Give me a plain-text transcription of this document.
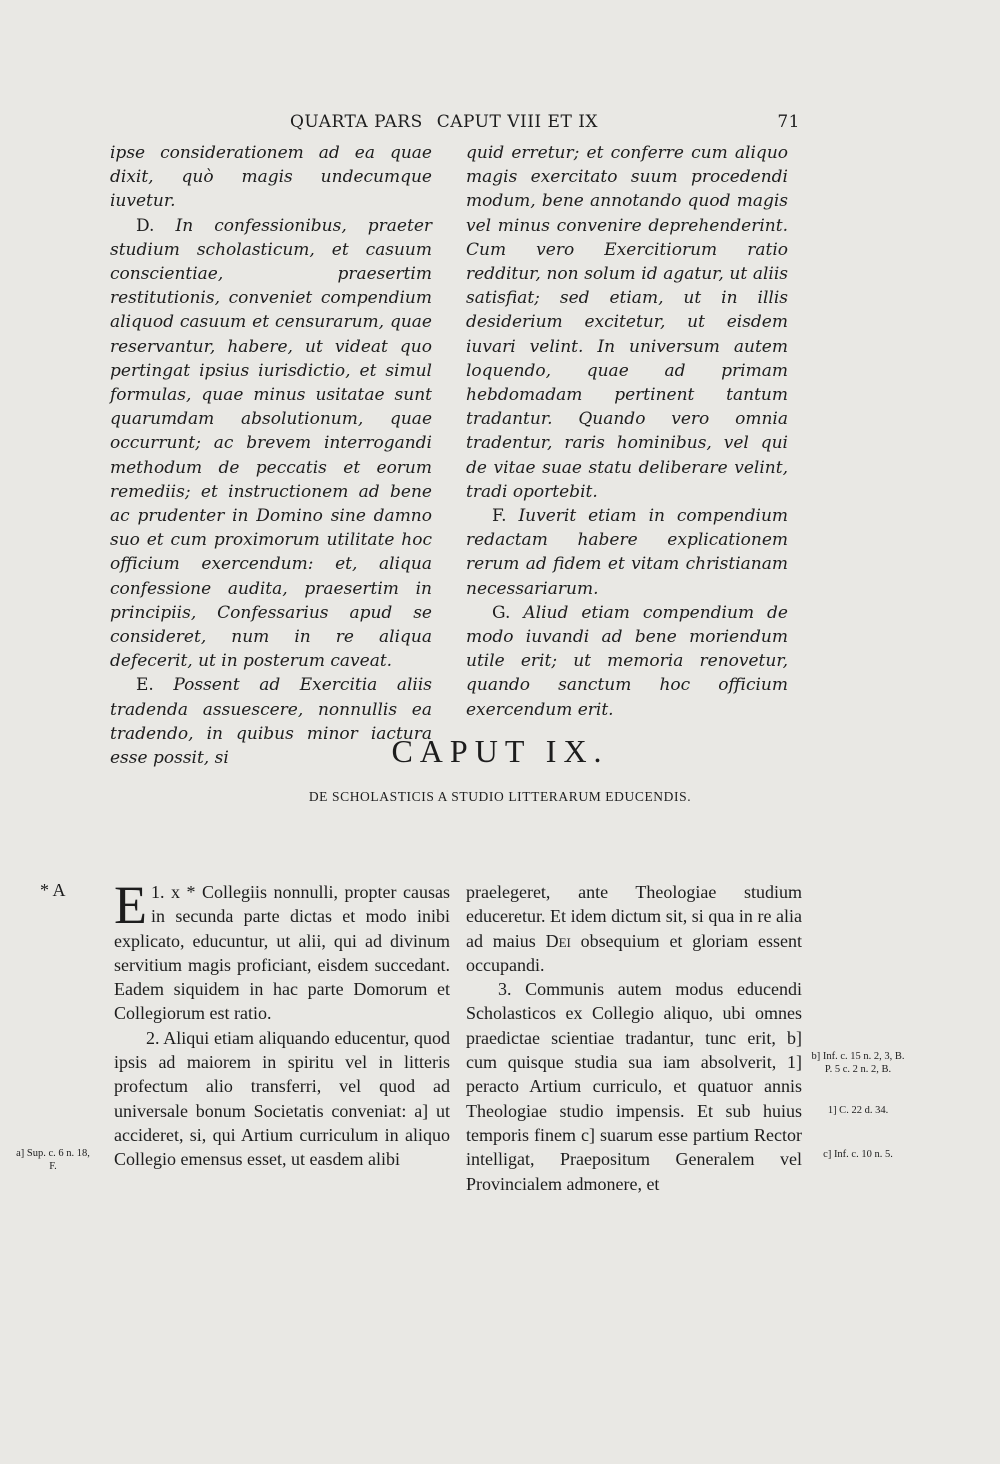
QUARTA PARS CAPUT VIII ET IX	71

ipse considerationem ad ea quae dixit, quò magis undecumque iuvetur.

D. In confessionibus, praeter studium scholasticum, et casuum conscientiae, praesertim restitutionis, conveniet compendium aliquod casuum et censurarum, quae reservantur, habere, ut videat quo pertingat ipsius iurisdictio, et simul formulas, quae minus usitatae sunt quarumdam absolutionum, quae occurrunt; ac brevem interrogandi methodum de peccatis et eorum remediis; et instructionem ad bene ac prudenter in Domino sine damno suo et cum proximorum utilitate hoc officium exercendum: et, aliqua confessione audita, praesertim in principiis, Confessarius apud se consideret, num in re aliqua defecerit, ut in posterum caveat.

E. Possent ad Exercitia aliis tradenda assuescere, nonnullis ea tradendo, in quibus minor iactura esse possit, si

quid erretur; et conferre cum aliquo magis exercitato suum procedendi modum, bene annotando quod magis vel minus convenire deprehenderint. Cum vero Exercitiorum ratio redditur, non solum id agatur, ut aliis satisfiat; sed etiam, ut in illis desiderium excitetur, ut eisdem iuvari velint. In universum autem loquendo, quae ad primam hebdomadam pertinent tantum tradantur. Quando vero omnia tradentur, raris hominibus, vel qui de vitae suae statu deliberare velint, tradi oportebit.

F. Iuverit etiam in compendium redactam habere explicationem rerum ad fidem et vitam christianam necessariarum.

G. Aliud etiam compendium de modo iuvandi ad bene moriendum utile erit; ut memoria renovetur, quando sanctum hoc officium exercendum erit.

CAPUT IX.
DE SCHOLASTICIS A STUDIO LITTERARUM EDUCENDIS.
* A	1.
E x * Collegiis nonnulli, propter causas in secunda parte dictas et modo inibi explicato, educuntur, ut alii, qui ad divinum servitium magis proficiant, eisdem succedant. Eadem siquidem in hac parte Domorum et Collegiorum est ratio.

2. Aliqui etiam aliquando educentur, quod ipsis ad maiorem in spiritu vel in litteris profectum alio transferri, vel quod ad universale bonum Societatis conveniat: a] ut accideret, si, qui Artium curriculum in aliquo Collegio emensus esset, ut easdem alibi

praelegeret, ante Theologiae studium educeretur. Et idem dictum sit, si qua in re alia ad maius Dei obsequium et gloriam essent occupandi.

3. Communis autem modus educendi Scholasticos ex Collegio aliquo, ubi omnes praedictae scientiae tradantur, tunc erit, b] cum quisque studia sua iam absolverit, 1] peracto Artium curriculo, et quatuor annis Theologiae studio impensis. Et sub huius temporis finem c] suarum esse partium Rector intelligat, Praepositum Generalem vel Provincialem admonere, et

a] Sup. c. 6 n. 18, F.
b] Inf. c. 15 n. 2, 3, B. P. 5 c. 2 n. 2, B.
1] C. 22 d. 34.
c] Inf. c. 10 n. 5.
